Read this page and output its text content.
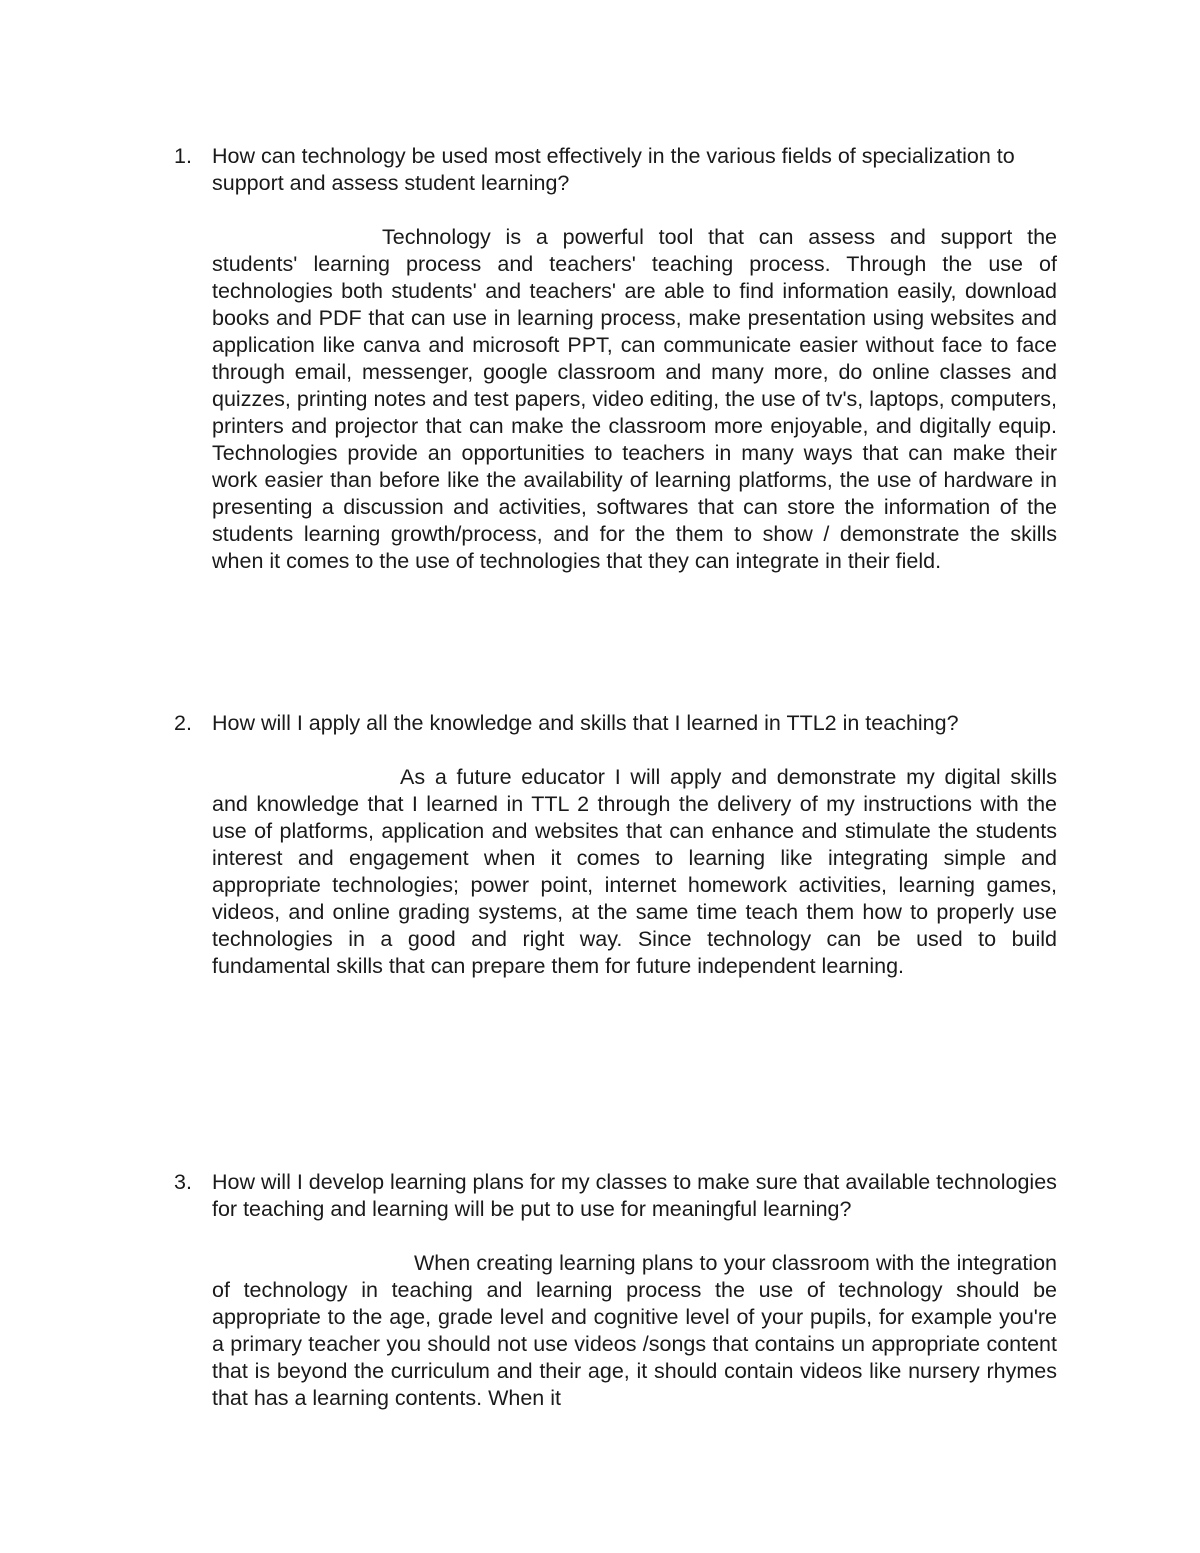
1. How can technology be used most effectively in the various fields of specialization to support and assess student learning?
Technology is a powerful tool that can assess and support the students' learning process and teachers' teaching process. Through the use of technologies both students' and teachers' are able to find information easily, download books and PDF that can use in learning process, make presentation using websites and application like canva and microsoft PPT, can communicate easier without face to face through email, messenger, google classroom and many more, do online classes and quizzes, printing notes and test papers, video editing, the use of tv's, laptops, computers, printers and projector that can make the classroom more enjoyable, and digitally equip. Technologies provide an opportunities to teachers in many ways that can make their work easier than before like the availability of learning platforms, the use of hardware in presenting a discussion and activities, softwares that can store the information of the students learning growth/process, and for the them to show / demonstrate the skills when it comes to the use of technologies that they can integrate in their field.
2. How will I apply all the knowledge and skills that I learned in TTL2 in teaching?
As a future educator I will apply and demonstrate my digital skills and knowledge that I learned in TTL 2 through the delivery of my instructions with the use of platforms, application and websites that can enhance and stimulate the students interest and engagement when it comes to learning like integrating simple and appropriate technologies; power point, internet homework activities, learning games, videos, and online grading systems, at the same time teach them how to properly use technologies in a good and right way. Since technology can be used to build fundamental skills that can prepare them for future independent learning.
3. How will I develop learning plans for my classes to make sure that available technologies for teaching and learning will be put to use for meaningful learning?
When creating learning plans to your classroom with the integration of technology in teaching and learning process the use of technology should be appropriate to the age, grade level and cognitive level of your pupils, for example you're a primary teacher you should not use videos /songs that contains un appropriate content that is beyond the curriculum and their age, it should contain videos like nursery rhymes that has a learning contents. When it
